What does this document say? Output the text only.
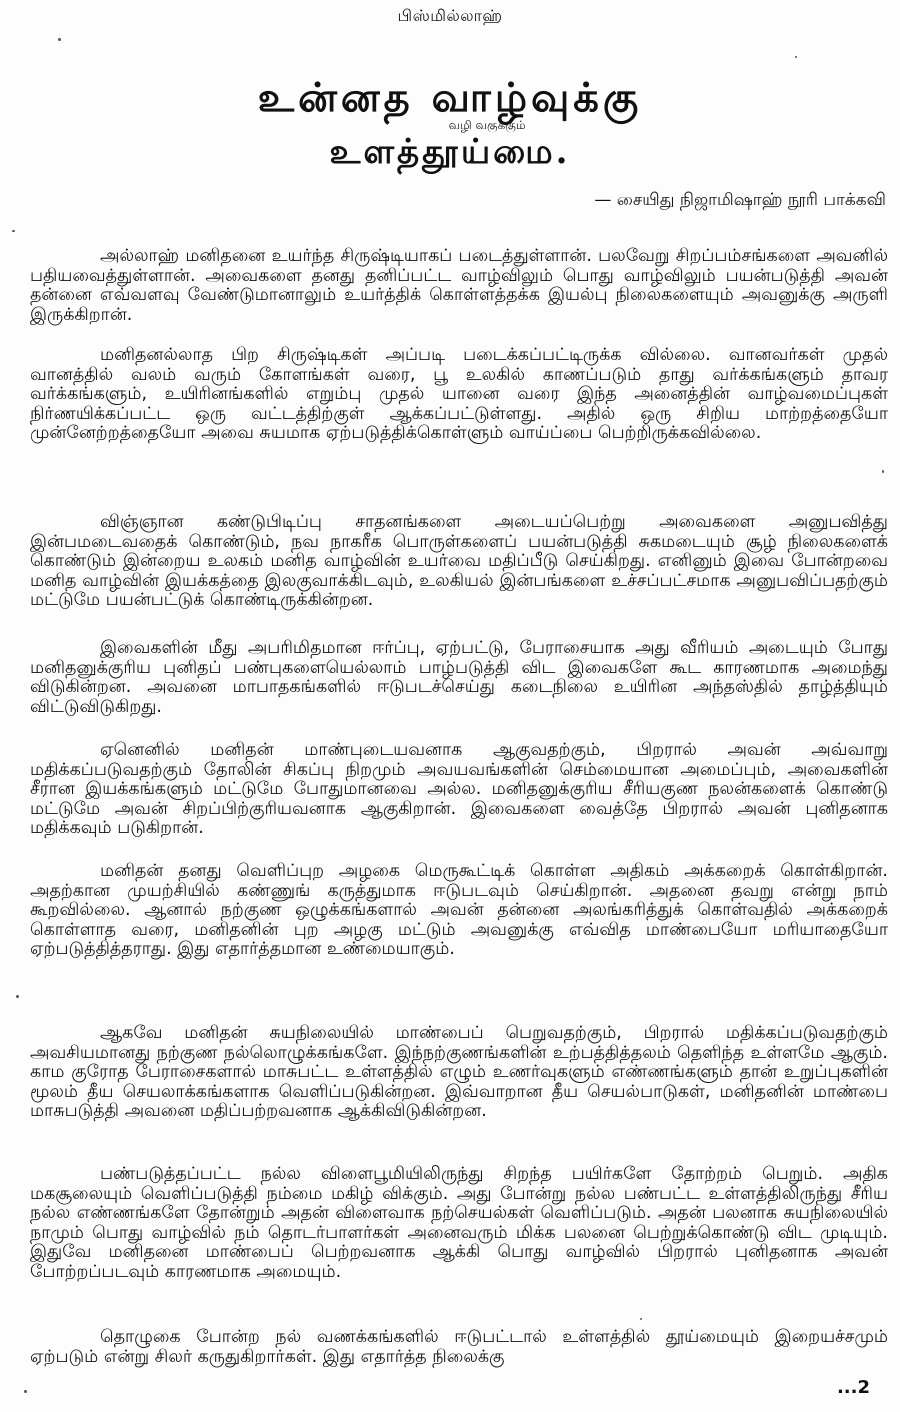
பிஸ்மில்லாஹ்
உன்னத வாழ்வுக்கு
வழி வகுக்கும்
உளத்தூய்மை.
— சையிது நிஜாமிஷாஹ் நூரி பாக்கவி

அல்லாஹ் மனிதனை உயர்ந்த சிருஷ்டியாகப் படைத்துள்ளான். பலவேறு சிறப்பம்சங்களை அவனில் பதியவைத்துள்ளான். அவைகளை தனது தனிப்பட்ட வாழ்விலும் பொது வாழ்விலும் பயன்படுத்தி அவன் தன்னை எவ்வளவு வேண்டுமானாலும் உயர்த்திக் கொள்ளத்தக்க இயல்பு நிலைகளையும் அவனுக்கு அருளி இருக்கிறான்.

மனிதனல்லாத பிற சிருஷ்டிகள் அப்படி படைக்கப்பட்டிருக்க வில்லை. வானவர்கள் முதல் வானத்தில் வலம் வரும் கோளங்கள் வரை, பூ உலகில் காணப்படும் தாது வர்க்கங்களும் தாவர வர்க்கங்களும், உயிரினங்களில் எறும்பு முதல் யானை வரை இந்த அனைத்தின் வாழ்வமைப்புகள் நிர்ணயிக்கப்பட்ட ஒரு வட்டத்திற்குள் ஆக்கப்பட்டுள்ளது. அதில் ஒரு சிறிய மாற்றத்தையோ முன்னேற்றத்தையோ அவை சுயமாக ஏற்படுத்திக்கொள்ளும் வாய்ப்பை பெற்றிருக்கவில்லை.

விஞ்ஞான கண்டுபிடிப்பு சாதனங்களை அடையப்பெற்று அவைகளை அனுபவித்து இன்பமடைவதைக் கொண்டும், நவ நாகரீக பொருள்களைப் பயன்படுத்தி சுகமடையும் சூழ் நிலைகளைக் கொண்டும் இன்றைய உலகம் மனித வாழ்வின் உயர்வை மதிப்பீடு செய்கிறது. எனினும் இவை போன்றவை மனித வாழ்வின் இயக்கத்தை இலகுவாக்கிடவும், உலகியல் இன்பங்களை உச்சப்பட்சமாக அனுபவிப்பதற்கும் மட்டுமே பயன்பட்டுக் கொண்டிருக்கின்றன.

இவைகளின் மீது அபரிமிதமான ஈர்ப்பு, ஏற்பட்டு, பேராசையாக அது வீரியம் அடையும் போது மனிதனுக்குரிய புனிதப் பண்புகளையெல்லாம் பாழ்படுத்தி விட இவைகளே கூட காரணமாக அமைந்து விடுகின்றன. அவனை மாபாதகங்களில் ஈடுபடச்செய்து கடைநிலை உயிரின அந்தஸ்தில் தாழ்த்தியும் விட்டுவிடுகிறது.

ஏனெனில் மனிதன் மாண்புடையவனாக ஆகுவதற்கும், பிறரால் அவன் அவ்வாறு மதிக்கப்படுவதற்கும் தோலின் சிகப்பு நிறமும் அவயவங்களின் செம்மையான அமைப்பும், அவைகளின் சீரான இயக்கங்களும் மட்டுமே போதுமானவை அல்ல. மனிதனுக்குரிய சீரியகுண நலன்களைக் கொண்டு மட்டுமே அவன் சிறப்பிற்குரியவனாக ஆகுகிறான். இவைகளை வைத்தே பிறரால் அவன் புனிதனாக மதிக்கவும் படுகிறான்.

மனிதன் தனது வெளிப்புற அழகை மெருகூட்டிக் கொள்ள அதிகம் அக்கறைக் கொள்கிறான். அதற்கான முயற்சியில் கண்ணுங் கருத்துமாக ஈடுபடவும் செய்கிறான். அதனை தவறு என்று நாம் கூறவில்லை. ஆனால் நற்குண ஒழுக்கங்களால் அவன் தன்னை அலங்கரித்துக் கொள்வதில் அக்கறைக் கொள்ளாத வரை, மனிதனின் புற அழகு மட்டும் அவனுக்கு எவ்வித மாண்பையோ மரியாதையோ ஏற்படுத்தித்தராது. இது எதார்த்தமான உண்மையாகும்.

ஆகவே மனிதன் சுயநிலையில் மாண்பைப் பெறுவதற்கும், பிறரால் மதிக்கப்படுவதற்கும் அவசியமானது நற்குண நல்லொழுக்கங்களே. இந்நற்குணங்களின் உற்பத்தித்தலம் தெளிந்த உள்ளமே ஆகும். காம குரோத பேராசைகளால் மாசுபட்ட உள்ளத்தில் எழும் உணர்வுகளும் எண்ணங்களும் தான் உறுப்புகளின் மூலம் தீய செயலாக்கங்களாக வெளிப்படுகின்றன. இவ்வாறான தீய செயல்பாடுகள், மனிதனின் மாண்பை மாசுபடுத்தி அவனை மதிப்பற்றவனாக ஆக்கிவிடுகின்றன.

பண்படுத்தப்பட்ட நல்ல விளைபூமியிலிருந்து சிறந்த பயிர்களே தோற்றம் பெறும். அதிக மகசூலையும் வெளிப்படுத்தி நம்மை மகிழ் விக்கும். அது போன்று நல்ல பண்பட்ட உள்ளத்திலிருந்து சீரிய நல்ல எண்ணங்களே தோன்றும் அதன் விளைவாக நற்செயல்கள் வெளிப்படும். அதன் பலனாக சுயநிலையில் நாமும் பொது வாழ்வில் நம் தொடர்பாளர்கள் அனைவரும் மிக்க பலனை பெற்றுக்கொண்டு விட முடியும். இதுவே மனிதனை மாண்பைப் பெற்றவனாக ஆக்கி பொது வாழ்வில் பிறரால் புனிதனாக அவன் போற்றப்படவும் காரணமாக அமையும்.

தொழுகை போன்ற நல் வணக்கங்களில் ஈடுபட்டால் உள்ளத்தில் தூய்மையும் இறையச்சமும் ஏற்படும் என்று சிலர் கருதுகிறார்கள். இது எதார்த்த நிலைக்கு

...2
